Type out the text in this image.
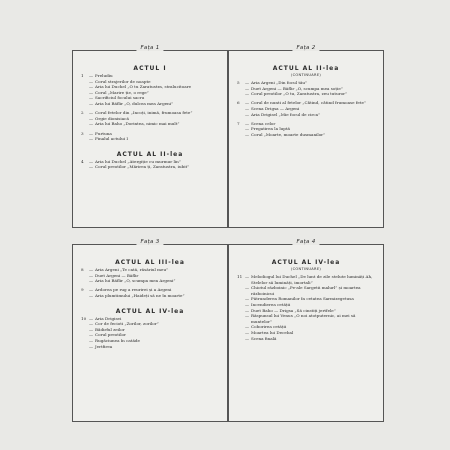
Fața 1
ACTUL I
1	— Preludiu
— Corul strajerilor de noapte
— Aria lui Duchel „O tu Zaratustra, stralucitoare
— Corul „Marire ție, o rege”
— Sacrificiul focului sacru
— Aria lui Bäflir „O, dulcea mea Argeni”
2	— Corul fetelor din „Incoți, inimă, frumoasa fete”
— Orgie dionisiacă
— Aria lui Baho „Dorintea, nimic mai mult”
3	— Furtuna
— Finalul actului I
ACTUL AL II-lea
4	— Aria lui Duchel „Atergiție cu murmur lin”
— Corul preotilor „Mărirea ți, Zaratustra, iubit”
Fața 2
ACTUL AL II-lea
(CONTINUARE)
5	— Aria Argeni „Din focul tău”
— Duet Argeni — Bäflir „O, scumpa mea soție”
— Corul preotilor „O tu, Zaratustra, zeu tuturor”
6	— Corul de nunti al fetelor „Câtind, câtind frumoase fete”
— Scena Drigsa — Argeni
— Aria Drigisel „Mie focul de circa”
7	— Scena celor
— Pregatirea la luptă
— Corul „Moarte, moarte dusmanilor”
Fața 3
ACTUL AL III-lea
8	— Aria Argeni „Te cată, răsăriul meu”
— Duet Argeni — Bäflir
— Aria lui Bäflir „O, scumpa mea Argeni”
9	— Ardorea pe rug a reurirei și a Argeni
— Aria plumtimului „Haideți să ne în moarte”
ACTUL AL IV-lea
10 — Aria Drigisei
— Cor de fecioti „Zorilor, zorilor”
— Bâdirful zeilor
— Corul preotilor
— Rugăciunea în catăde
— Jertfirea
Fața 4
ACTUL AL IV-lea
(CONTINUARE)
11 — Melodiogul lui Duchel „De lunt de zile stelute luminăți Ah, Stelelor să luminăți, imortali”
— Chiotul războinic „Pe-ale Sargetii malurl” și moartea războinicui
— Pătrunderea Romanilor în cetatea Sarmizegetusa
— Incendierea cetății
— Duet Baho — Drigsa „Să cinstiți jertfele”
— Răspunsul lui Venus „O noi atotputernic, ai mei să muntelor”
— Coborirea cetății
— Moartea lui Decebal
— Scena finală
